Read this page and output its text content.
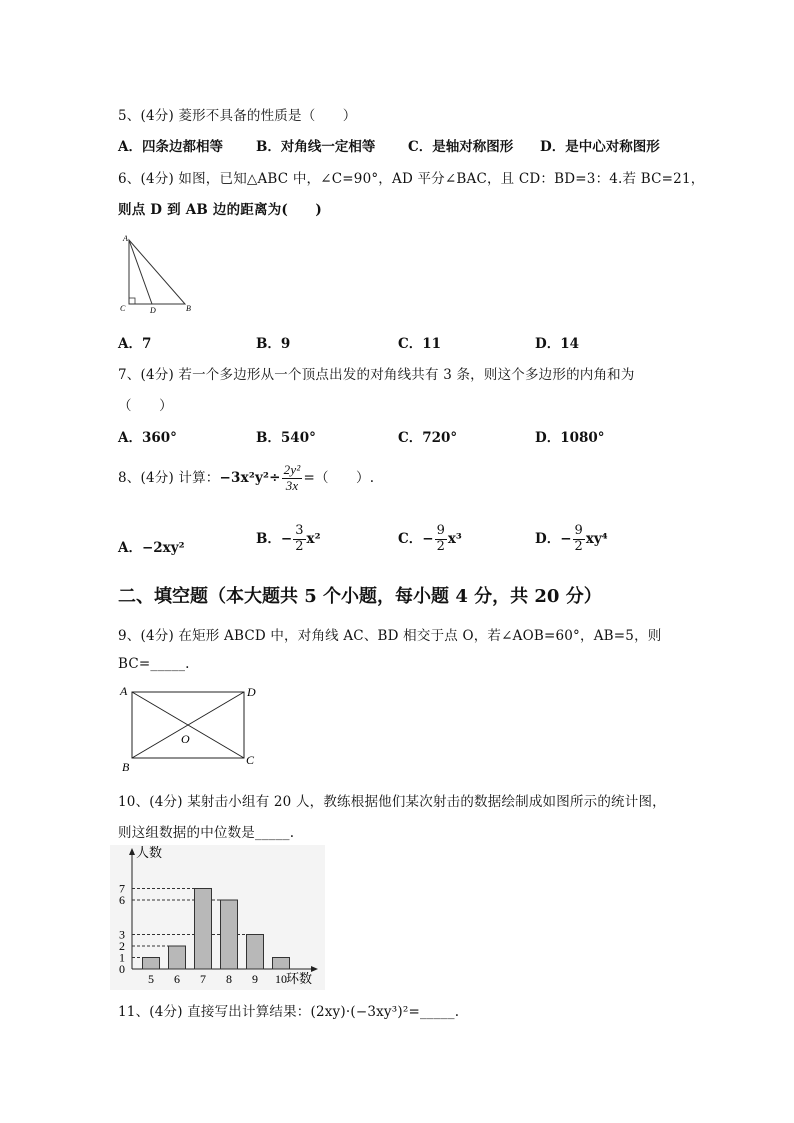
5、(4分) 菱形不具备的性质是（　　）
A．四条边都相等 B．对角线一定相等 C．是轴对称图形 D．是中心对称图形
6、(4分) 如图，已知△ABC 中，∠C=90°，AD 平分∠BAC，且 CD：BD=3：4.若 BC=21，
则点 D 到 AB 边的距离为(　　)
A
C	D	B
A．7	B．9	C．11	D．14
7、(4分) 若一个多边形从一个顶点出发的对角线共有 3 条，则这个多边形的内角和为
（　　）
A．360°	B．540°	C．720°	D．1080°
8、(4分) 计算：$-3x^2y^2\div \frac{\text{2y²}}{3x}$ =（　　）.
A．−2xy²
B．− $\frac{3}{2} x^2$	C．− $\frac{9}{2} x^3$	D．− $\frac{9}{2} xy^4$
二、填空题（本大题共 5 个小题，每小题 4 分，共 20 分）
9、(4分) 在矩形 ABCD 中，对角线 AC、BD 相交于点 O，若∠AOB=60°，AB=5，则
BC=_____.
A	D
O
B	C
10、(4分) 某射击小组有 20 人，教练根据他们某次射击的数据绘制成如图所示的统计图，
则这组数据的中位数是_____.
人数
环数
0
1
2
3
6
7
5 6 7 8 9 10
11、(4分) 直接写出计算结果：(2xy)·(−3xy³)²=_____.
